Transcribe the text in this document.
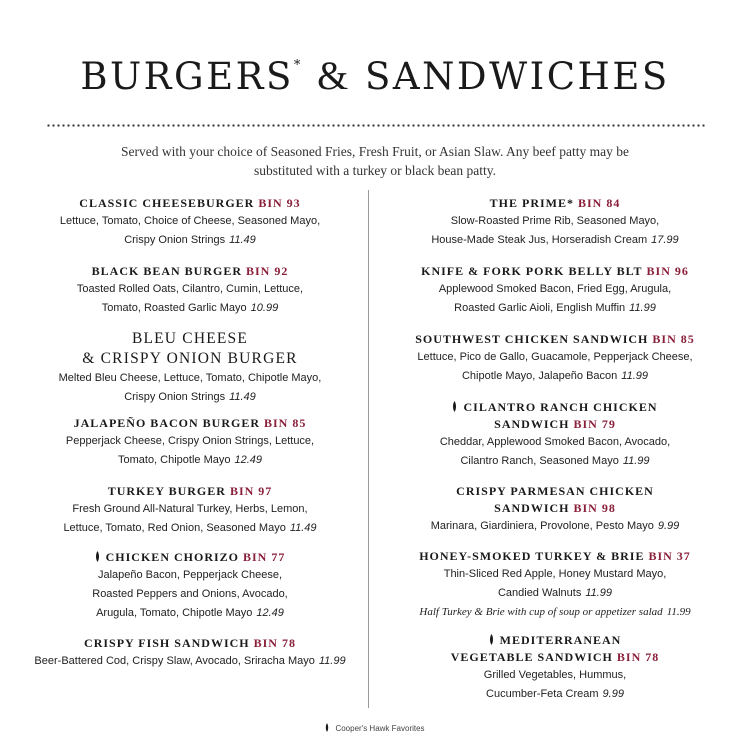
BURGERS* & SANDWICHES
Served with your choice of Seasoned Fries, Fresh Fruit, or Asian Slaw. Any beef patty may be substituted with a turkey or black bean patty.
CLASSIC CHEESEBURGER BIN 93
Lettuce, Tomato, Choice of Cheese, Seasoned Mayo,
Crispy Onion Strings 11.49
BLACK BEAN BURGER BIN 92
Toasted Rolled Oats, Cilantro, Cumin, Lettuce,
Tomato, Roasted Garlic Mayo 10.99
BLEU CHEESE
& CRISPY ONION BURGER
Melted Bleu Cheese, Lettuce, Tomato, Chipotle Mayo,
Crispy Onion Strings 11.49
JALAPEÑO BACON BURGER BIN 85
Pepperjack Cheese, Crispy Onion Strings, Lettuce,
Tomato, Chipotle Mayo 12.49
TURKEY BURGER BIN 97
Fresh Ground All-Natural Turkey, Herbs, Lemon,
Lettuce, Tomato, Red Onion, Seasoned Mayo 11.49
CHICKEN CHORIZO BIN 77
Jalapeño Bacon, Pepperjack Cheese,
Roasted Peppers and Onions, Avocado,
Arugula, Tomato, Chipotle Mayo 12.49
CRISPY FISH SANDWICH BIN 78
Beer-Battered Cod, Crispy Slaw, Avocado, Sriracha Mayo 11.99
THE PRIME* BIN 84
Slow-Roasted Prime Rib, Seasoned Mayo,
House-Made Steak Jus, Horseradish Cream 17.99
KNIFE & FORK PORK BELLY BLT BIN 96
Applewood Smoked Bacon, Fried Egg, Arugula,
Roasted Garlic Aioli, English Muffin 11.99
SOUTHWEST CHICKEN SANDWICH BIN 85
Lettuce, Pico de Gallo, Guacamole, Pepperjack Cheese,
Chipotle Mayo, Jalapeño Bacon 11.99
CILANTRO RANCH CHICKEN
SANDWICH BIN 79
Cheddar, Applewood Smoked Bacon, Avocado,
Cilantro Ranch, Seasoned Mayo 11.99
CRISPY PARMESAN CHICKEN
SANDWICH BIN 98
Marinara, Giardiniera, Provolone, Pesto Mayo 9.99
HONEY-SMOKED TURKEY & BRIE BIN 37
Thin-Sliced Red Apple, Honey Mustard Mayo,
Candied Walnuts 11.99
Half Turkey & Brie with cup of soup or appetizer salad 11.99
MEDITERRANEAN
VEGETABLE SANDWICH BIN 78
Grilled Vegetables, Hummus,
Cucumber-Feta Cream 9.99
Cooper's Hawk Favorites
